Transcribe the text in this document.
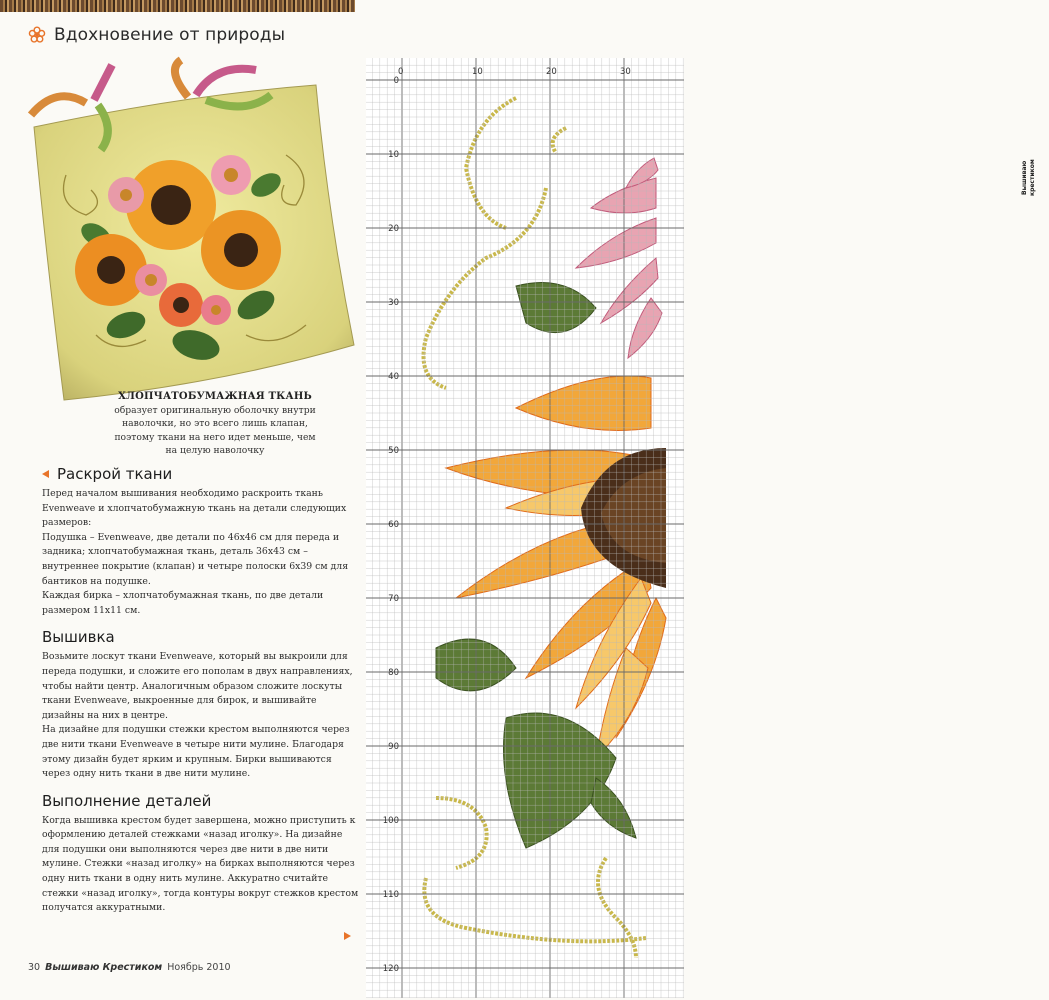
Вдохновение от природы
ХЛОПЧАТОБУМАЖНАЯ ТКАНЬ
образует оригинальную оболочку внутри
наволочки, но это всего лишь клапан,
поэтому ткани на него идет меньше, чем
на целую наволочку
Раскрой ткани

Перед началом вышивания необходимо раскроить ткань Evenweave и хлопчатобумажную ткань на детали следующих размеров:

Подушка – Evenweave, две детали по 46х46 см для переда и задника; хлопчатобумажная ткань, деталь 36х43 см – внутреннее покрытие (клапан) и четыре полоски 6х39 см для бантиков на подушке.

Каждая бирка – хлопчатобумажная ткань, по две детали размером 11х11 см.

Вышивка

Возьмите лоскут ткани Evenweave, который вы выкроили для переда подушки, и сложите его пополам в двух направлениях, чтобы найти центр. Аналогичным образом сложите лоскуты ткани Evenweave, выкроенные для бирок, и вышивайте дизайны на них в центре.

На дизайне для подушки стежки крестом выполняются через две нити ткани Evenweave в четыре нити мулине. Благодаря этому дизайн будет ярким и крупным. Бирки вышиваются через одну нить ткани в две нити мулине.

Выполнение деталей

Когда вышивка крестом будет завершена, можно приступить к оформлению деталей стежками «назад иголку». На дизайне для подушки они выполняются через две нити в две нити мулине. Стежки «назад иголку» на бирках выполняются через одну нить ткани в одну нить мулине. Аккуратно считайте стежки «назад иголку», тогда контуры вокруг стежков крестом получатся аккуратными.

30 Вышиваю Крестиком Ноябрь 2010
0	10	20	30
0
10
20
30
40
50
60
70
80
90
100
110
120
Вышиваю крестиком
